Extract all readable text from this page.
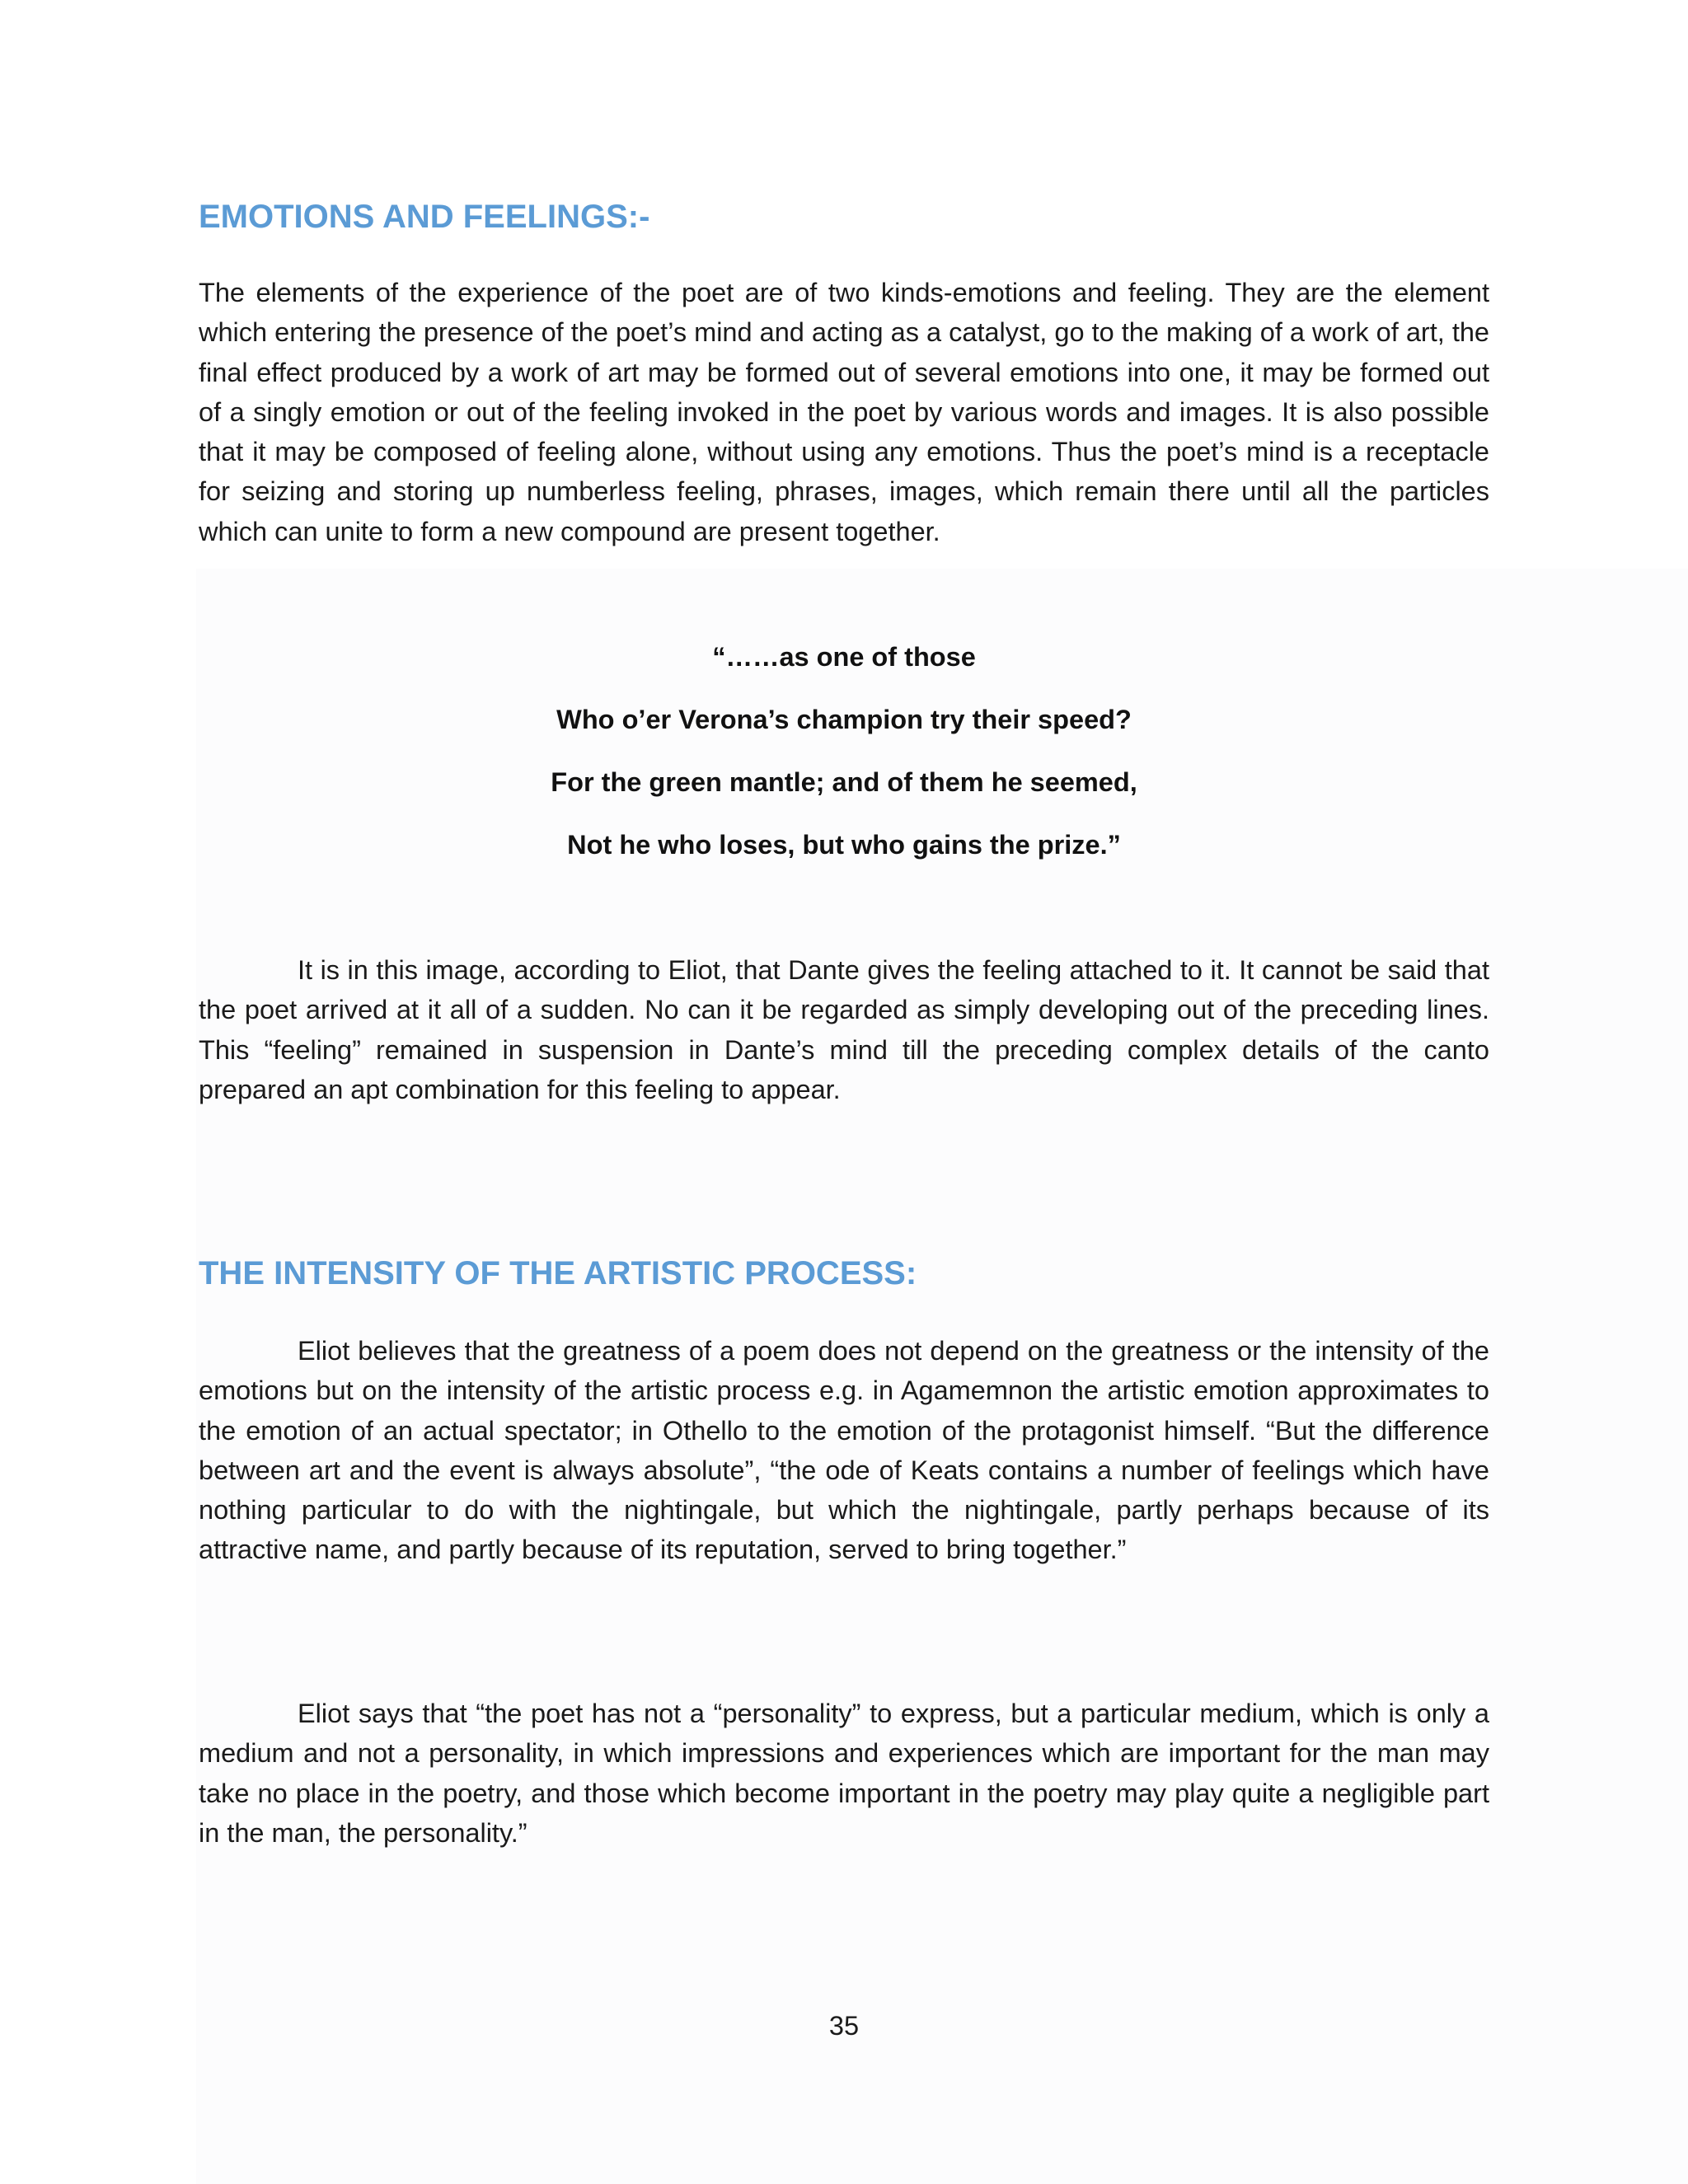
EMOTIONS AND FEELINGS:-

The elements of the experience of the poet are of two kinds-emotions and feeling. They are the element which entering the presence of the poet’s mind and acting as a catalyst, go to the making of a work of art, the final effect produced by a work of art may be formed out of several emotions into one, it may be formed out of a singly emotion or out of the feeling invoked in the poet by various words and images. It is also possible that it may be composed of feeling alone, without using any emotions. Thus the poet’s mind is a receptacle for seizing and storing up numberless feeling, phrases, images, which remain there until all the particles which can unite to form a new compound are present together.

“……as one of those
Who o’er Verona’s champion try their speed?
For the green mantle; and of them he seemed,
Not he who loses, but who gains the prize.”

It is in this image, according to Eliot, that Dante gives the feeling attached to it. It cannot be said that the poet arrived at it all of a sudden. No can it be regarded as simply developing out of the preceding lines. This “feeling” remained in suspension in Dante’s mind till the preceding complex details of the canto prepared an apt combination for this feeling to appear.

THE INTENSITY OF THE ARTISTIC PROCESS:

Eliot believes that the greatness of a poem does not depend on the greatness or the intensity of the emotions but on the intensity of the artistic process e.g. in Agamemnon the artistic emotion approximates to the emotion of an actual spectator; in Othello to the emotion of the protagonist himself. “But the difference between art and the event is always absolute”, “the ode of Keats contains a number of feelings which have nothing particular to do with the nightingale, but which the nightingale, partly perhaps because of its attractive name, and partly because of its reputation, served to bring together.”

Eliot says that “the poet has not a “personality” to express, but a particular medium, which is only a medium and not a personality, in which impressions and experiences which are important for the man may take no place in the poetry, and those which become important in the poetry may play quite a negligible part in the man, the personality.”

35
